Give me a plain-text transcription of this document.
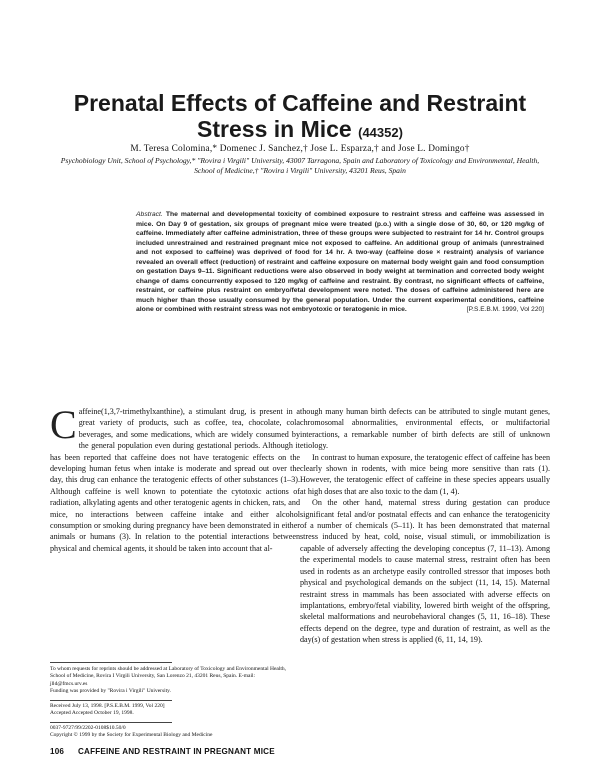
Prenatal Effects of Caffeine and Restraint Stress in Mice (44352)

M. Teresa Colomina,* Domenec J. Sanchez,† Jose L. Esparza,† and Jose L. Domingo†

Psychobiology Unit, School of Psychology,* "Rovira i Virgili" University, 43007 Tarragona, Spain and Laboratory of Toxicology and Environmental, Health, School of Medicine,† "Rovira i Virgili" University, 43201 Reus, Spain

Abstract. The maternal and developmental toxicity of combined exposure to restraint stress and caffeine was assessed in mice. On Day 9 of gestation, six groups of pregnant mice were treated (p.o.) with a single dose of 30, 60, or 120 mg/kg of caffeine. Immediately after caffeine administration, three of these groups were subjected to restraint for 14 hr. Control groups included unrestrained and restrained pregnant mice not exposed to caffeine. An additional group of animals (unrestrained and not exposed to caffeine) was deprived of food for 14 hr. A two-way (caffeine dose × restraint) analysis of variance revealed an overall effect (reduction) of restraint and caffeine exposure on maternal body weight gain and food consumption on gestation Days 9–11. Significant reductions were also observed in body weight at termination and corrected body weight change of dams concurrently exposed to 120 mg/kg of caffeine and restraint. By contrast, no significant effects of caffeine, restraint, or caffeine plus restraint on embryo/fetal development were noted. The doses of caffeine administered here are much higher than those usually consumed by the general population. Under the current experimental conditions, caffeine alone or combined with restraint stress was not embryotoxic or teratogenic in mice.	[P.S.E.B.M. 1999, Vol 220]

Caffeine(1,3,7-trimethylxanthine), a stimulant drug, is present in a great variety of products, such as coffee, tea, chocolate, cola beverages, and some medications, which are widely consumed by the general population even during gestational periods. Although it has been reported that caffeine does not have teratogenic effects on the developing human fetus when intake is moderate and spread out over the day, this drug can enhance the teratogenic effects of other substances (1–3). Although caffeine is well known to potentiate the cytotoxic actions of radiation, alkylating agents and other teratogenic agents in chicken, rats, and mice, no interactions between caffeine intake and either alcohol consumption or smoking during pregnancy have been demonstrated in either animals or humans (3). In relation to the potential interactions between physical and chemical agents, it should be taken into account that al-

though many human birth defects can be attributed to single mutant genes, chromosomal abnormalities, environmental effects, or multifactorial interactions, a remarkable number of birth defects are still of unknown etiology.

In contrast to human exposure, the teratogenic effect of caffeine has been clearly shown in rodents, with mice being more sensitive than rats (1). However, the teratogenic effect of caffeine in these species appears usually at high doses that are also toxic to the dam (1, 4).

On the other hand, maternal stress during gestation can produce significant fetal and/or postnatal effects and can enhance the teratogenicity of a number of chemicals (5–11). It has been demonstrated that maternal stress induced by heat, cold, noise, visual stimuli, or immobilization is capable of adversely affecting the developing conceptus (7, 11–13). Among the experimental models to cause maternal stress, restraint often has been used in rodents as an archetype easily controlled stressor that imposes both physical and psychological demands on the subject (11, 14, 15). Maternal restraint stress in mammals has been associated with adverse effects on implantations, embryo/fetal viability, lowered birth weight of the offspring, skeletal malformations and neurobehavioral changes (5, 11, 16–18). These effects depend on the degree, type and duration of restraint, as well as the day(s) of gestation when stress is applied (6, 11, 14, 19).

To whom requests for reprints should be addressed at Laboratory of Toxicology and Environmental Health, School of Medicine, Rovira I Virgili University, San Lorenzo 21, 43201 Reus, Spain. E-mail: jlld@fmcs.urv.es

Funding was provided by "Rovira i Virgili" University.

Received July 13, 1998. [P.S.E.B.M. 1999, Vol 220]

Accepted Accepted October 19, 1998.

0037-9727/99/2202-0108$10.50/0

Copyright © 1999 by the Society for Experimental Biology and Medicine

106 CAFFEINE AND RESTRAINT IN PREGNANT MICE
